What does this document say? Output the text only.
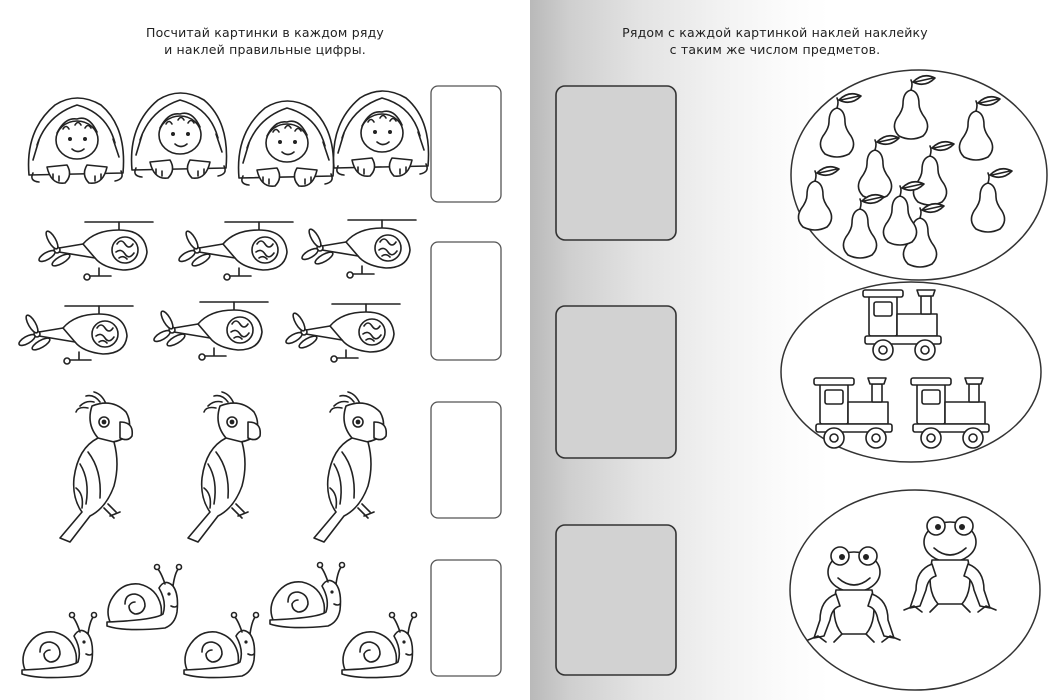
Посчитай картинки в каждом ряду
и наклей правильные цифры.
Рядом с каждой картинкой наклей наклейку
с таким же числом предметов.
